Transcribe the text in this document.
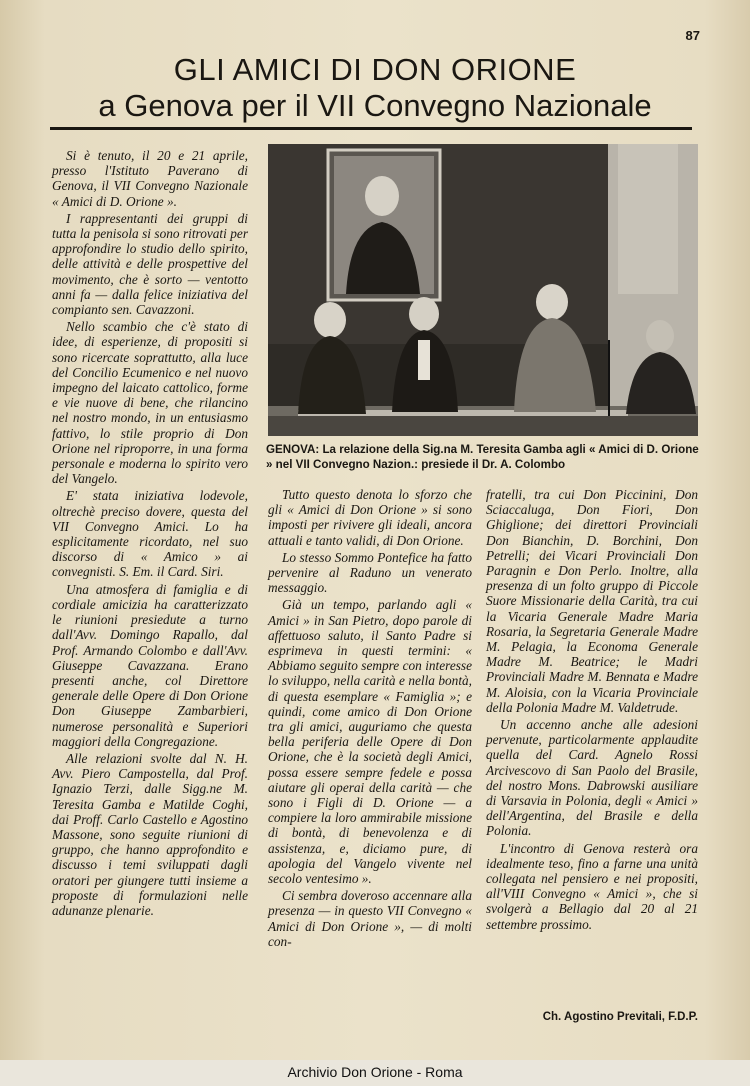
87
GLI AMICI DI DON ORIONE
a Genova per il VII Convegno Nazionale

Si è tenuto, il 20 e 21 aprile, presso l'Istituto Paverano di Genova, il VII Convegno Nazionale « Amici di D. Orione ».

I rappresentanti dei gruppi di tutta la penisola si sono ritrovati per approfondire lo studio dello spirito, delle attività e delle prospettive del movimento, che è sorto — ventotto anni fa — dalla felice iniziativa del compianto sen. Cavazzoni.

Nello scambio che c'è stato di idee, di esperienze, di propositi si sono ricercate soprattutto, alla luce del Concilio Ecumenico e nel nuovo impegno del laicato cattolico, forme e vie nuove di bene, che rilancino nel nostro mondo, in un entusiasmo fattivo, lo stile proprio di Don Orione nel riproporre, in una forma personale e moderna lo spirito vero del Vangelo.

E' stata iniziativa lodevole, oltrechè preciso dovere, questa del VII Convegno Amici. Lo ha esplicitamente ricordato, nel suo discorso di « Amico » ai convegnisti. S. Em. il Card. Siri.

Una atmosfera di famiglia e di cordiale amicizia ha caratterizzato le riunioni presiedute a turno dall'Avv. Domingo Rapallo, dal Prof. Armando Colombo e dall'Avv. Giuseppe Cavazzana. Erano presenti anche, col Direttore generale delle Opere di Don Orione Don Giuseppe Zambarbieri, numerose personalità e Superiori maggiori della Congregazione.

Alle relazioni svolte dal N. H. Avv. Piero Campostella, dal Prof. Ignazio Terzi, dalle Sigg.ne M. Teresita Gamba e Matilde Coghi, dai Proff. Carlo Castello e Agostino Massone, sono seguite riunioni di gruppo, che hanno approfondito e discusso i temi sviluppati dagli oratori per giungere tutti insieme a proposte di formulazioni nelle adunanze plenarie.

GENOVA: La relazione della Sig.na M. Teresita Gamba agli « Amici di D. Orione » nel VII Convegno Nazion.: presiede il Dr. A. Colombo

Tutto questo denota lo sforzo che gli « Amici di Don Orione » si sono imposti per rivivere gli ideali, ancora attuali e tanto validi, di Don Orione.

Lo stesso Sommo Pontefice ha fatto pervenire al Raduno un venerato messaggio.

Già un tempo, parlando agli « Amici » in San Pietro, dopo parole di affettuoso saluto, il Santo Padre si esprimeva in questi termini: « Abbiamo seguito sempre con interesse lo sviluppo, nella carità e nella bontà, di questa esemplare « Famiglia »; e quindi, come amico di Don Orione tra gli amici, auguriamo che questa bella periferia delle Opere di Don Orione, che è la società degli Amici, possa essere sempre fedele e possa aiutare gli operai della carità — che sono i Figli di D. Orione — a compiere la loro ammirabile missione di bontà, di benevolenza e di assistenza, e, diciamo pure, di apologia del Vangelo vivente nel secolo ventesimo ».

Ci sembra doveroso accennare alla presenza — in questo VII Convegno « Amici di Don Orione », — di molti con-

fratelli, tra cui Don Piccinini, Don Sciaccaluga, Don Fiori, Don Ghiglione; dei direttori Provinciali Don Bianchin, D. Borchini, Don Petrelli; dei Vicari Provinciali Don Paragnin e Don Perlo. Inoltre, alla presenza di un folto gruppo di Piccole Suore Missionarie della Carità, tra cui la Vicaria Generale Madre Maria Rosaria, la Segretaria Generale Madre M. Pelagia, la Economa Generale Madre M. Beatrice; le Madri Provinciali Madre M. Bennata e Madre M. Aloisia, con la Vicaria Provinciale della Polonia Madre M. Valdetrude.

Un accenno anche alle adesioni pervenute, particolarmente applaudite quella del Card. Agnelo Rossi Arcivescovo di San Paolo del Brasile, del nostro Mons. Dabrowski ausiliare di Varsavia in Polonia, degli « Amici » dell'Argentina, del Brasile e della Polonia.

L'incontro di Genova resterà ora idealmente teso, fino a farne una unità collegata nel pensiero e nei propositi, all'VIII Convegno « Amici », che si svolgerà a Bellagio dal 20 al 21 settembre prossimo.

Ch. Agostino Previtali, F.D.P.
Archivio Don Orione - Roma
